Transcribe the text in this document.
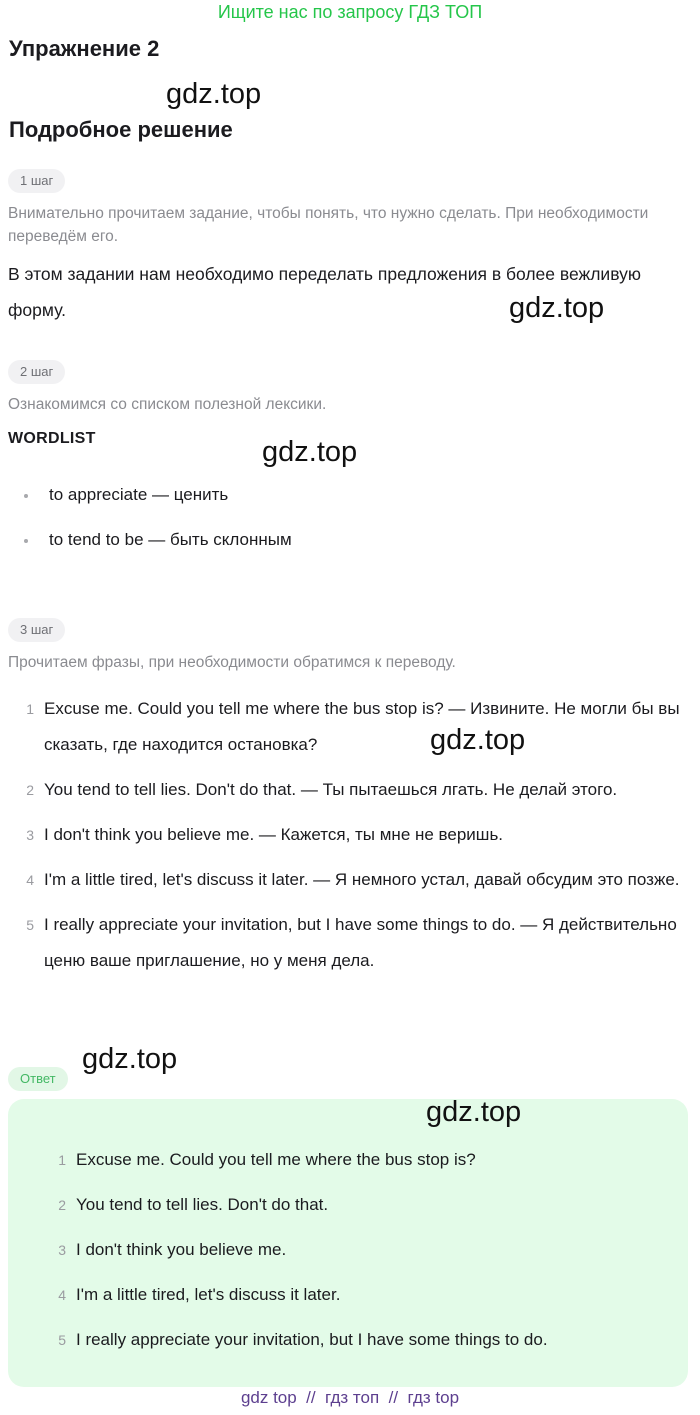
Ищите нас по запросу ГДЗ ТОП
Упражнение 2
gdz.top
Подробное решение
1 шаг
Внимательно прочитаем задание, чтобы понять, что нужно сделать. При необходимости переведём его.
В этом задании нам необходимо переделать предложения в более вежливую форму.	gdz.top
2 шаг
Ознакомимся со списком полезной лексики.
WORDLIST	gdz.top
to appreciate — ценить
to tend to be — быть склонным
3 шаг
Прочитаем фразы, при необходимости обратимся к переводу.
1 Excuse me. Could you tell me where the bus stop is? — Извините. Не могли бы вы сказать, где находится остановка?
2 You tend to tell lies. Don't do that. — Ты пытаешься лгать. Не делай этого.
3 I don't think you believe me. — Кажется, ты мне не веришь.
4 I'm a little tired, let's discuss it later. — Я немного устал, давай обсудим это позже.
5 I really appreciate your invitation, but I have some things to do. — Я действительно ценю ваше приглашение, но у меня дела.
gdz.top
gdz.top
Ответ
1 Excuse me. Could you tell me where the bus stop is?
2 You tend to tell lies. Don't do that.
3 I don't think you believe me.
4 I'm a little tired, let's discuss it later.
5 I really appreciate your invitation, but I have some things to do.
gdz.top
gdz top  //  гдз топ  //  гдз top
